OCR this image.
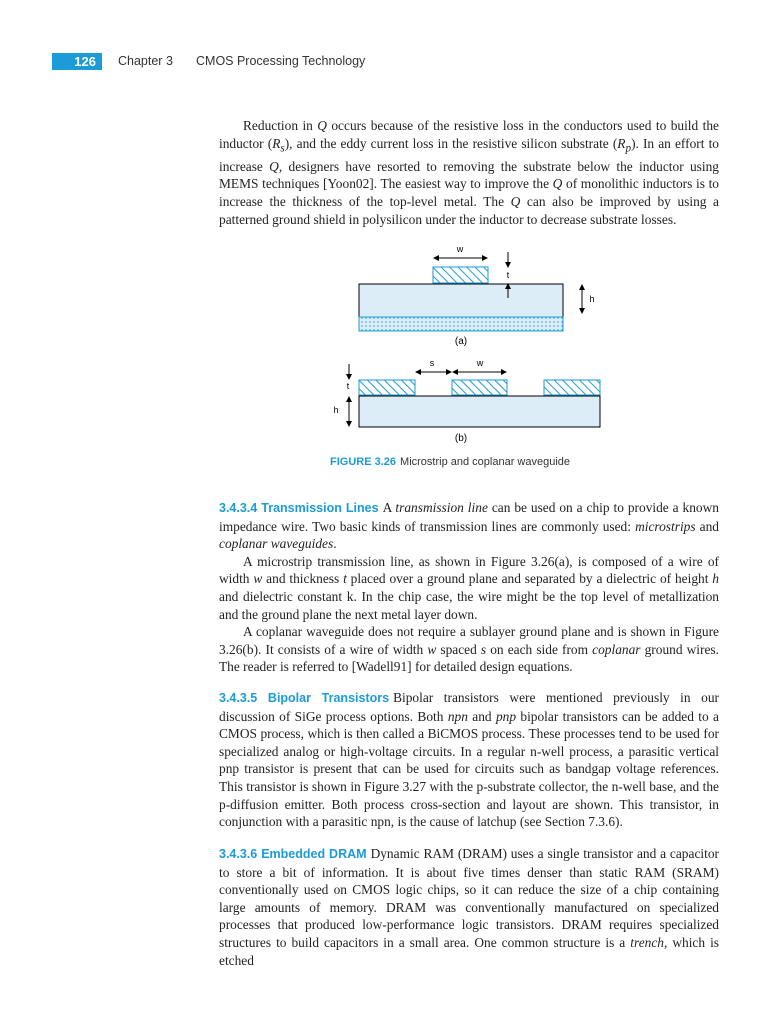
126	Chapter 3 CMOS Processing Technology

Reduction in Q occurs because of the resistive loss in the conductors used to build the inductor $(R_s)$, and the eddy current loss in the resistive silicon substrate $(R_p)$. In an effort to increase Q, designers have resorted to removing the substrate below the inductor using MEMS techniques [Yoon02]. The easiest way to improve the Q of monolithic inductors is to increase the thickness of the top-level metal. The Q can also be improved by using a patterned ground shield in polysilicon under the inductor to decrease substrate losses.

w
t
h
(a)
s	w
t
h
(b)
FIGURE 3.26 Microstrip and coplanar waveguide

3.4.3.4 Transmission Lines A transmission line can be used on a chip to provide a known impedance wire. Two basic kinds of transmission lines are commonly used: microstrips and coplanar waveguides.

A microstrip transmission line, as shown in Figure 3.26(a), is composed of a wire of width w and thickness t placed over a ground plane and separated by a dielectric of height h and dielectric constant k. In the chip case, the wire might be the top level of metallization and the ground plane the next metal layer down.

A coplanar waveguide does not require a sublayer ground plane and is shown in Figure 3.26(b). It consists of a wire of width w spaced s on each side from coplanar ground wires. The reader is referred to [Wadell91] for detailed design equations.

3.4.3.5 Bipolar Transistors Bipolar transistors were mentioned previously in our discussion of SiGe process options. Both npn and pnp bipolar transistors can be added to a CMOS process, which is then called a BiCMOS process. These processes tend to be used for specialized analog or high-voltage circuits. In a regular n-well process, a parasitic vertical pnp transistor is present that can be used for circuits such as bandgap voltage references. This transistor is shown in Figure 3.27 with the p-substrate collector, the n-well base, and the p-diffusion emitter. Both process cross-section and layout are shown. This transistor, in conjunction with a parasitic npn, is the cause of latchup (see Section 7.3.6).

3.4.3.6 Embedded DRAM Dynamic RAM (DRAM) uses a single transistor and a capacitor to store a bit of information. It is about five times denser than static RAM (SRAM) conventionally used on CMOS logic chips, so it can reduce the size of a chip containing large amounts of memory. DRAM was conventionally manufactured on specialized processes that produced low-performance logic transistors. DRAM requires specialized structures to build capacitors in a small area. One common structure is a trench, which is etched
